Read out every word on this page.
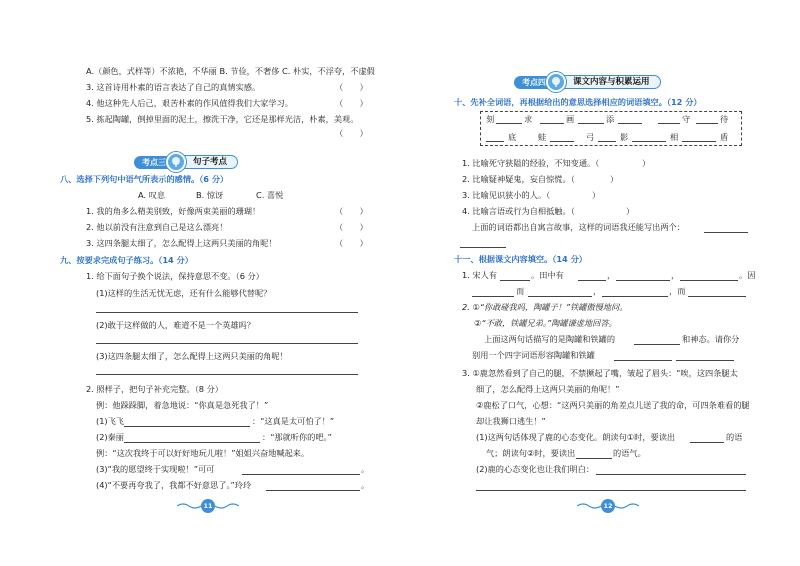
A.（颜色，式样等）不浓艳，不华丽 B. 节俭，不奢侈 C. 朴实，不浮夸，不虚假
3. 这首诗用朴素的语言表达了自己的真情实感。	（　　）
4. 他这种先人后己，艰苦朴素的作风值得我们大家学习。	（　　）
5. 拣起陶罐，倒掉里面的泥土，擦洗干净，它还是那样光洁，朴素，美观。
（　　）
考点三	句子考点
八、选择下列句中语气所表示的感情。（6 分）
A. 叹息	B. 惊讶	C. 喜悦
1. 我的角多么精美别致，好像两束美丽的珊瑚！	（　　）
2. 他以前没有注意到自己是这么漂亮！	（　　）
3. 这四条腿太细了，怎么配得上这两只美丽的角呢！	（　　）
九、按要求完成句子练习。（14 分）
1. 给下面句子换个说法，保持意思不变。（6 分）
(1)这样的生活无忧无虑，还有什么能够代替呢？
(2)敢于这样做的人，难道不是一个英雄吗？
(3)这四条腿太细了，怎么配得上这两只美丽的角呢！
2. 照样子，把句子补充完整。（8 分）
例：他跺跺脚，着急地说：“你真是急死我了！”
(1)飞飞	：“这真是太可怕了！”
(2)秦丽	：“那就听你的吧。”
例：“这次我终于可以好好地玩儿啦！”姐姐兴奋地喊起来。
(3)“我的愿望终于实现啦！”可可	。
(4)“不要再夸我了，我都不好意思了。”玲玲	。
11
考点四	课文内容与积累运用
十、先补全词语，再根据给出的意思选择相应的词语填空。（12 分）
刻	求	画	添	守	待
底	蛙	弓	影	相	盾
1. 比喻死守狭隘的经验，不知变通。（	）
2. 比喻疑神疑鬼，妄自惊慌。（	）
3. 比喻见识狭小的人。（	）
4. 比喻言语或行为自相抵触。（	）
上面的词语都出自寓言故事，这样的词语我还能写出两个：
十一、根据课文内容填空。（14 分）
1. 宋人有	。田中有	，	，	。因
而	，	，而
2. ①“你敢碰我吗，陶罐子！”铁罐傲慢地问。
②“不敢，铁罐兄弟。”陶罐谦虚地回答。
上面这两句话描写的是陶罐和铁罐的	和神态。请你分
别用一个四字词语形容陶罐和铁罐
3. ①鹿忽然看到了自己的腿，不禁撅起了嘴，皱起了眉头：“唉，这四条腿太
细了，怎么配得上这两只美丽的角呢！”
②鹿松了口气，心想：“这两只美丽的角差点儿送了我的命，可四条难看的腿
却让我狮口逃生！”
(1)这两句话体现了鹿的心态变化。朗读句①时，要读出	的语
气；朗读句②时，要读出	的语气。
(2)鹿的心态变化也让我们明白：
12
